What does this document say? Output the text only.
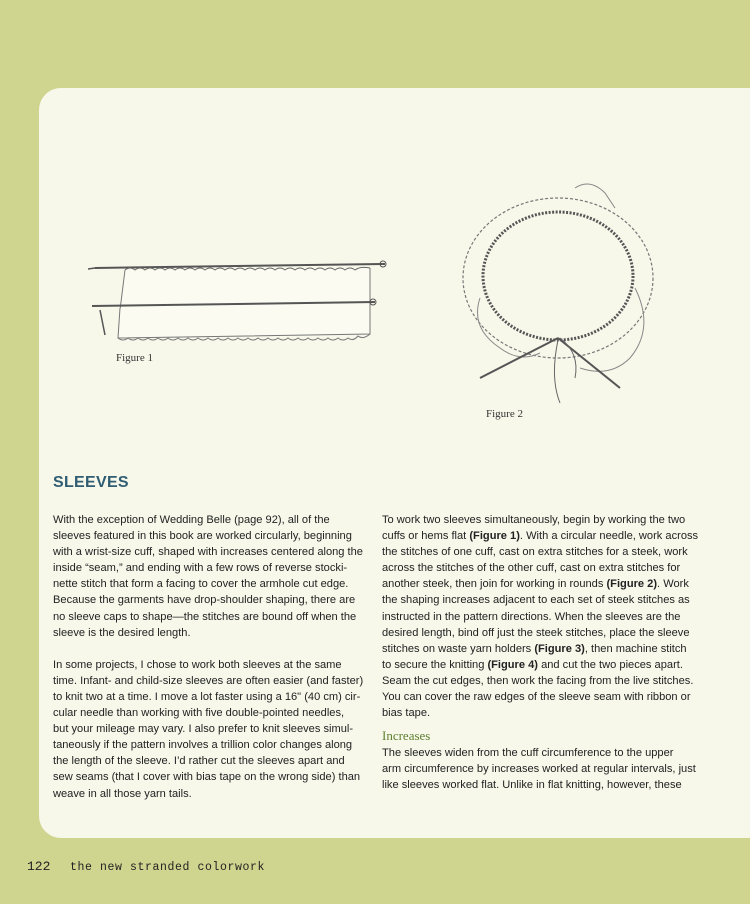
Figure 1
Figure 2
SLEEVES

With the exception of Wedding Belle (page 92), all of the
sleeves featured in this book are worked circularly, beginning
with a wrist-size cuff, shaped with increases centered along the
inside “seam,” and ending with a few rows of reverse stocki-
nette stitch that form a facing to cover the armhole cut edge.
Because the garments have drop-shoulder shaping, there are
no sleeve caps to shape—the stitches are bound off when the
sleeve is the desired length.

In some projects, I chose to work both sleeves at the same
time. Infant- and child-size sleeves are often easier (and faster)
to knit two at a time. I move a lot faster using a 16" (40 cm) cir-
cular needle than working with five double-pointed needles,
but your mileage may vary. I also prefer to knit sleeves simul-
taneously if the pattern involves a trillion color changes along
the length of the sleeve. I’d rather cut the sleeves apart and
sew seams (that I cover with bias tape on the wrong side) than
weave in all those yarn tails.

To work two sleeves simultaneously, begin by working the two
cuffs or hems flat (Figure 1). With a circular needle, work across
the stitches of one cuff, cast on extra stitches for a steek, work
across the stitches of the other cuff, cast on extra stitches for
another steek, then join for working in rounds (Figure 2). Work
the shaping increases adjacent to each set of steek stitches as
instructed in the pattern directions. When the sleeves are the
desired length, bind off just the steek stitches, place the sleeve
stitches on waste yarn holders (Figure 3), then machine stitch
to secure the knitting (Figure 4) and cut the two pieces apart.
Seam the cut edges, then work the facing from the live stitches.
You can cover the raw edges of the sleeve seam with ribbon or
bias tape.

Increases

The sleeves widen from the cuff circumference to the upper
arm circumference by increases worked at regular intervals, just
like sleeves worked flat. Unlike in flat knitting, however, these

122 the new stranded colorwork
